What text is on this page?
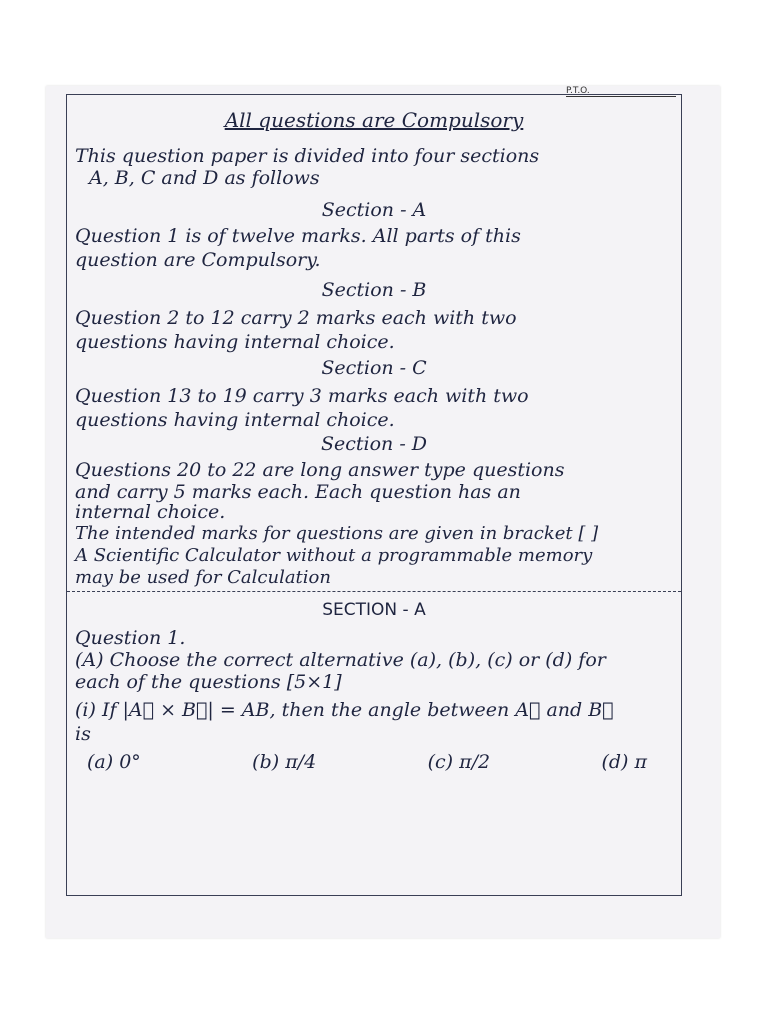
P.T.O.
All questions are Compulsory
This question paper is divided into four sections
A, B, C and D as follows
Section - A
Question 1 is of twelve marks. All parts of this
question are Compulsory.
Section - B
Question 2 to 12 carry 2 marks each with two
questions having internal choice.
Section - C
Question 13 to 19 carry 3 marks each with two
questions having internal choice.
Section - D
Questions 20 to 22 are long answer type questions
and carry 5 marks each. Each question has an
internal choice.
The intended marks for questions are given in bracket [ ]
A Scientific Calculator without a programmable memory
may be used for Calculation
SECTION - A
Question 1.
(A) Choose the correct alternative (a), (b), (c) or (d) for
each of the questions [5×1]
(i) If |A⃗ × B⃗| = AB, then the angle between A⃗ and B⃗
is
(a) 0°	(b) π/4	(c) π/2	(d) π
